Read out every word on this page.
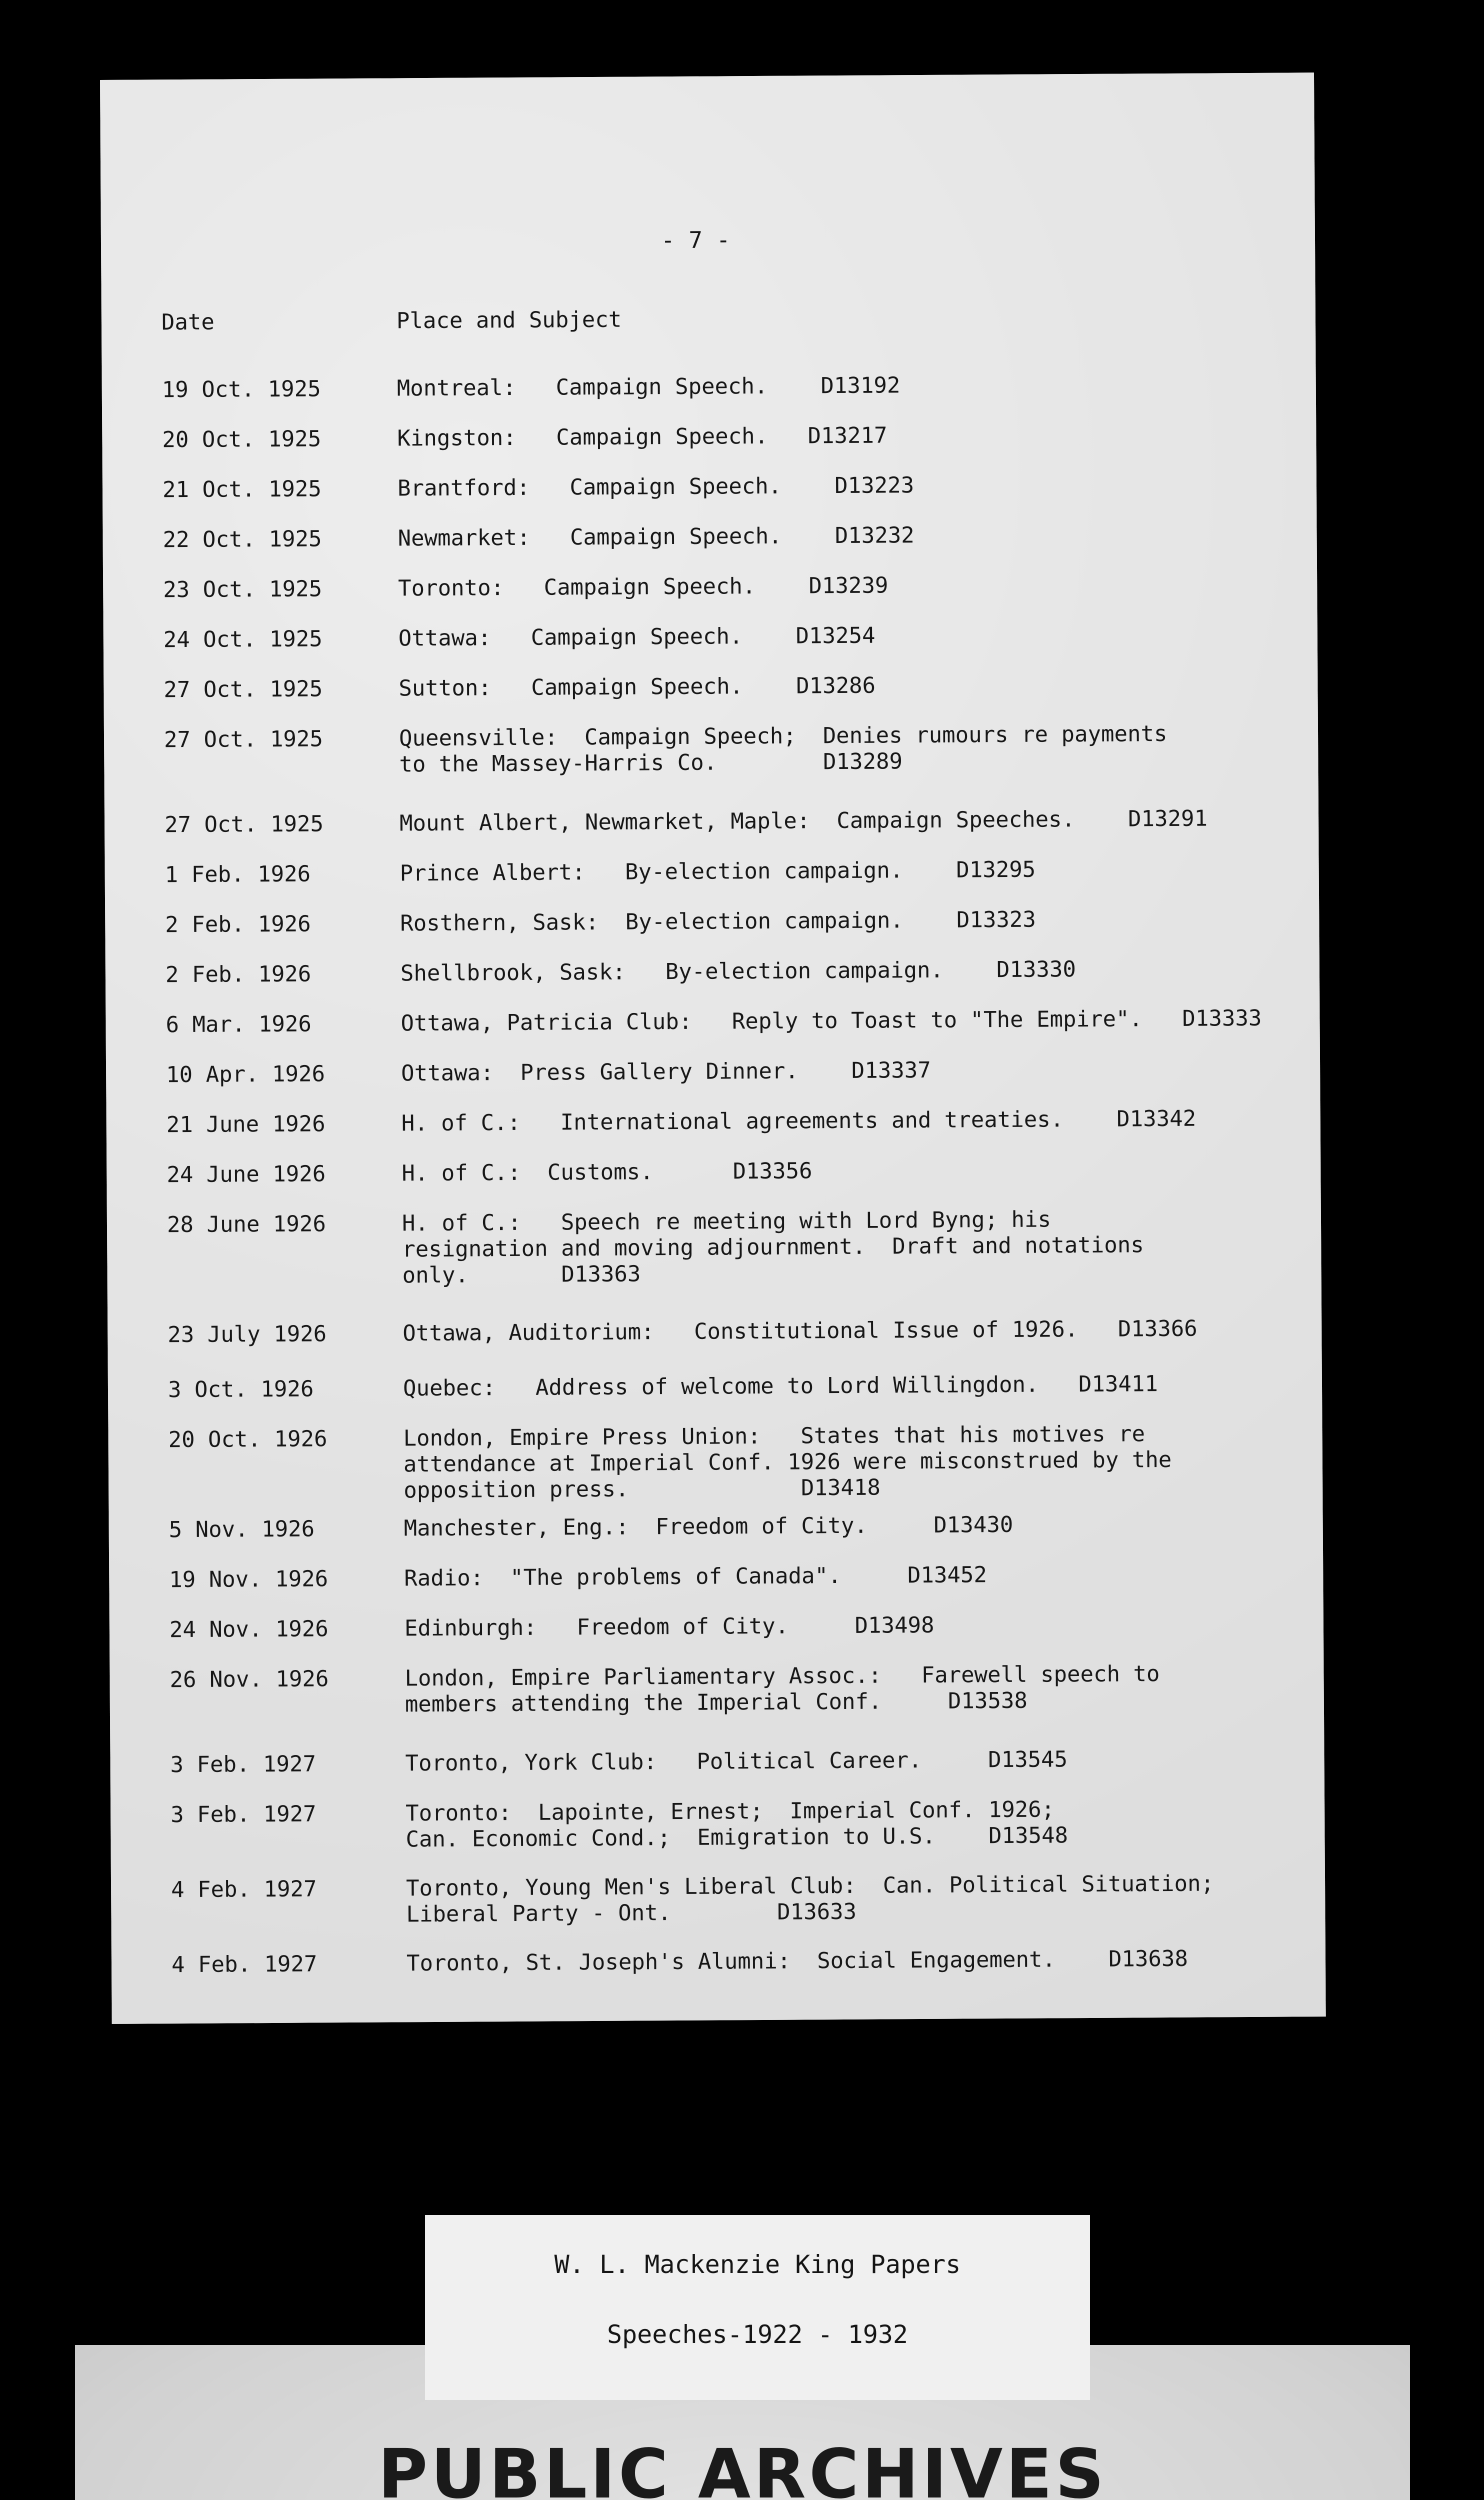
- 7 -
Date	Place and Subject
19 Oct. 1925	Montreal:   Campaign Speech.    D13192
20 Oct. 1925	Kingston:   Campaign Speech.   D13217
21 Oct. 1925	Brantford:   Campaign Speech.    D13223
22 Oct. 1925	Newmarket:   Campaign Speech.    D13232
23 Oct. 1925	Toronto:   Campaign Speech.    D13239
24 Oct. 1925	Ottawa:   Campaign Speech.    D13254
27 Oct. 1925	Sutton:   Campaign Speech.    D13286
27 Oct. 1925	Queensville:  Campaign Speech;  Denies rumours re payments
to the Massey-Harris Co.        D13289
27 Oct. 1925	Mount Albert, Newmarket, Maple:  Campaign Speeches.    D13291
1 Feb. 1926	Prince Albert:   By-election campaign.    D13295
2 Feb. 1926	Rosthern, Sask:  By-election campaign.    D13323
2 Feb. 1926	Shellbrook, Sask:   By-election campaign.    D13330
6 Mar. 1926	Ottawa, Patricia Club:   Reply to Toast to "The Empire".   D13333
10 Apr. 1926	Ottawa:  Press Gallery Dinner.    D13337
21 June 1926	H. of C.:   International agreements and treaties.    D13342
24 June 1926	H. of C.:  Customs.      D13356
28 June 1926	H. of C.:   Speech re meeting with Lord Byng; his
resignation and moving adjournment.  Draft and notations
only.       D13363
23 July 1926	Ottawa, Auditorium:   Constitutional Issue of 1926.   D13366
3 Oct. 1926	Quebec:   Address of welcome to Lord Willingdon.   D13411
20 Oct. 1926	London, Empire Press Union:   States that his motives re
attendance at Imperial Conf. 1926 were misconstrued by the
opposition press.             D13418
5 Nov. 1926	Manchester, Eng.:  Freedom of City.     D13430
19 Nov. 1926	Radio:  "The problems of Canada".     D13452
24 Nov. 1926	Edinburgh:   Freedom of City.     D13498
26 Nov. 1926	London, Empire Parliamentary Assoc.:   Farewell speech to
members attending the Imperial Conf.     D13538
3 Feb. 1927	Toronto, York Club:   Political Career.     D13545
3 Feb. 1927	Toronto:  Lapointe, Ernest;  Imperial Conf. 1926;
Can. Economic Cond.;  Emigration to U.S.    D13548
4 Feb. 1927	Toronto, Young Men's Liberal Club:  Can. Political Situation;
Liberal Party - Ont.        D13633
4 Feb. 1927	Toronto, St. Joseph's Alumni:  Social Engagement.    D13638
PUBLIC ARCHIVES
W. L. Mackenzie King Papers
Speeches-1922 - 1932
